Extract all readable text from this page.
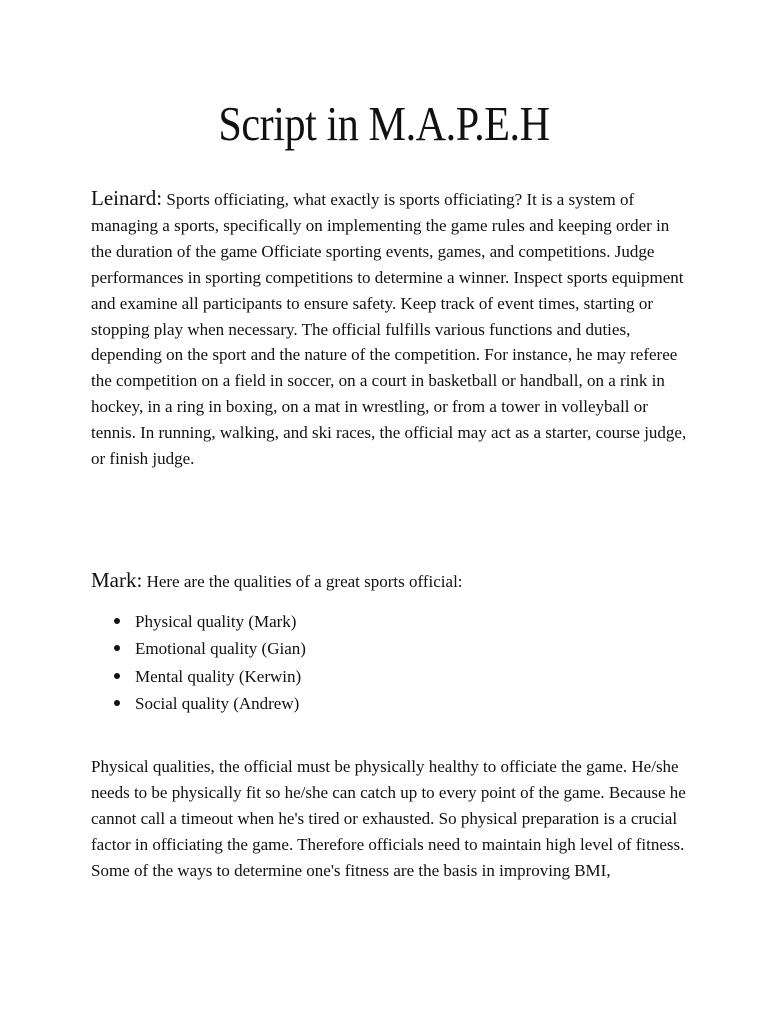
Script in M.A.P.E.H

Leinard: Sports officiating, what exactly is sports officiating? It is a system of managing a sports, specifically on implementing the game rules and keeping order in the duration of the game Officiate sporting events, games, and competitions. Judge performances in sporting competitions to determine a winner. Inspect sports equipment and examine all participants to ensure safety. Keep track of event times, starting or stopping play when necessary. The official fulfills various functions and duties, depending on the sport and the nature of the competition. For instance, he may referee the competition on a field in soccer, on a court in basketball or handball, on a rink in hockey, in a ring in boxing, on a mat in wrestling, or from a tower in volleyball or tennis. In running, walking, and ski races, the official may act as a starter, course judge, or finish judge.

Mark: Here are the qualities of a great sports official:

Physical quality (Mark)
Emotional quality (Gian)
Mental quality (Kerwin)
Social quality (Andrew)

Physical qualities, the official must be physically healthy to officiate the game. He/she needs to be physically fit so he/she can catch up to every point of the game. Because he cannot call a timeout when he's tired or exhausted. So physical preparation is a crucial factor in officiating the game. Therefore officials need to maintain high level of fitness. Some of the ways to determine one's fitness are the basis in improving BMI,
